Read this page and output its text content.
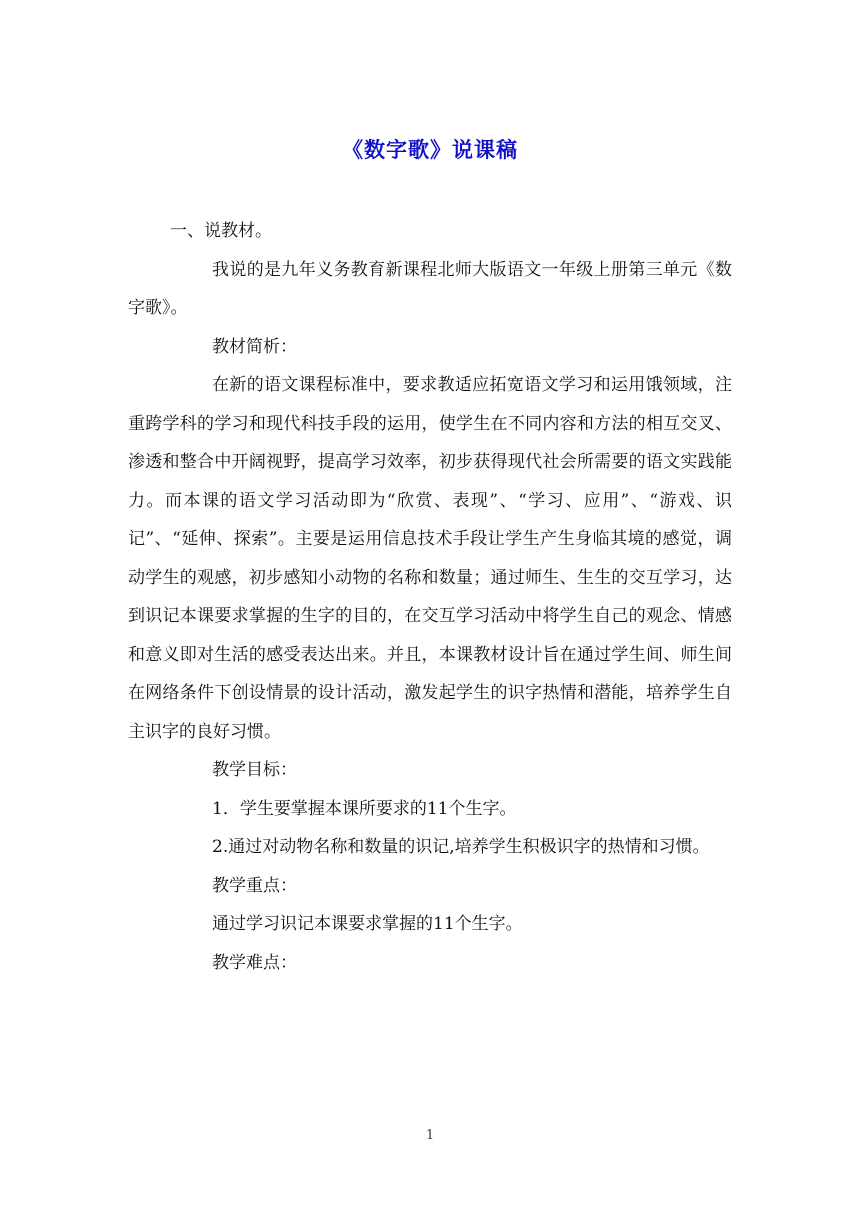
《数字歌》说课稿

一、说教材。

我说的是九年义务教育新课程北师大版语文一年级上册第三单元《数字歌》。

教材简析：

在新的语文课程标准中，要求教适应拓宽语文学习和运用饿领域，注重跨学科的学习和现代科技手段的运用，使学生在不同内容和方法的相互交叉、渗透和整合中开阔视野，提高学习效率，初步获得现代社会所需要的语文实践能力。而本课的语文学习活动即为“欣赏、表现”、“学习、应用”、“游戏、识记”、“延伸、探索”。主要是运用信息技术手段让学生产生身临其境的感觉，调动学生的观感，初步感知小动物的名称和数量；通过师生、生生的交互学习，达到识记本课要求掌握的生字的目的，在交互学习活动中将学生自己的观念、情感和意义即对生活的感受表达出来。并且，本课教材设计旨在通过学生间、师生间在网络条件下创设情景的设计活动，激发起学生的识字热情和潜能，培养学生自主识字的良好习惯。

教学目标：

1．学生要掌握本课所要求的11个生字。

2.通过对动物名称和数量的识记,培养学生积极识字的热情和习惯。

教学重点：

通过学习识记本课要求掌握的11个生字。

教学难点：

1
